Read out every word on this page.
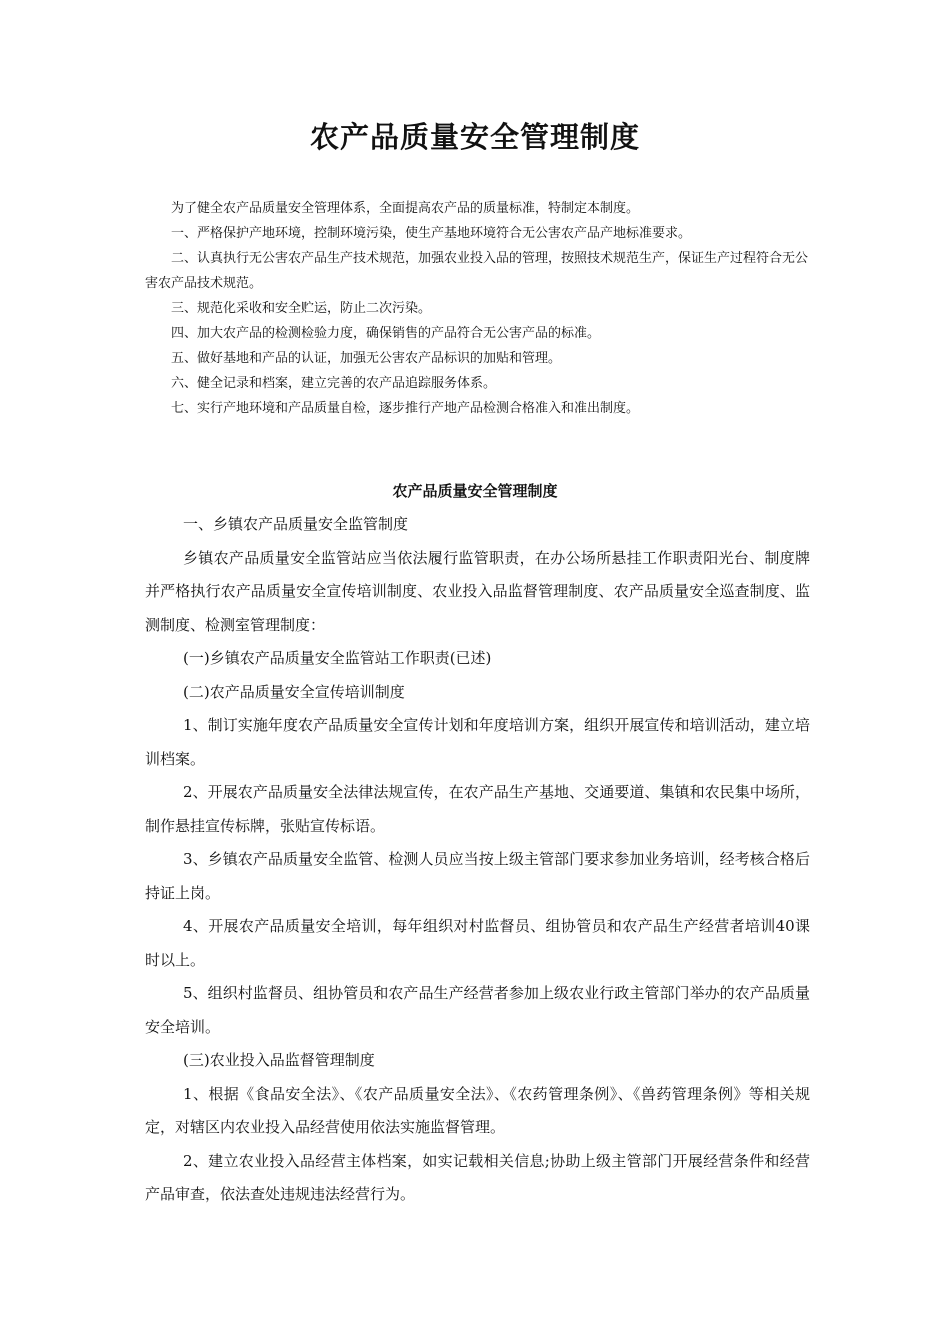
农产品质量安全管理制度

为了健全农产品质量安全管理体系，全面提高农产品的质量标准，特制定本制度。

一、严格保护产地环境，控制环境污染，使生产基地环境符合无公害农产品产地标准要求。

二、认真执行无公害农产品生产技术规范，加强农业投入品的管理，按照技术规范生产，保证生产过程符合无公害农产品技术规范。

三、规范化采收和安全贮运，防止二次污染。

四、加大农产品的检测检验力度，确保销售的产品符合无公害产品的标准。

五、做好基地和产品的认证，加强无公害农产品标识的加贴和管理。

六、健全记录和档案，建立完善的农产品追踪服务体系。

七、实行产地环境和产品质量自检，逐步推行产地产品检测合格准入和准出制度。

农产品质量安全管理制度

一、乡镇农产品质量安全监管制度

乡镇农产品质量安全监管站应当依法履行监管职责，在办公场所悬挂工作职责阳光台、制度牌并严格执行农产品质量安全宣传培训制度、农业投入品监督管理制度、农产品质量安全巡查制度、监测制度、检测室管理制度：

(一)乡镇农产品质量安全监管站工作职责(已述)

(二)农产品质量安全宣传培训制度

1、制订实施年度农产品质量安全宣传计划和年度培训方案，组织开展宣传和培训活动，建立培训档案。

2、开展农产品质量安全法律法规宣传，在农产品生产基地、交通要道、集镇和农民集中场所，制作悬挂宣传标牌，张贴宣传标语。

3、乡镇农产品质量安全监管、检测人员应当按上级主管部门要求参加业务培训，经考核合格后持证上岗。

4、开展农产品质量安全培训，每年组织对村监督员、组协管员和农产品生产经营者培训40课时以上。

5、组织村监督员、组协管员和农产品生产经营者参加上级农业行政主管部门举办的农产品质量安全培训。

(三)农业投入品监督管理制度

1、根据《食品安全法》、《农产品质量安全法》、《农药管理条例》、《兽药管理条例》等相关规定，对辖区内农业投入品经营使用依法实施监督管理。

2、建立农业投入品经营主体档案，如实记载相关信息;协助上级主管部门开展经营条件和经营产品审查，依法查处违规违法经营行为。
